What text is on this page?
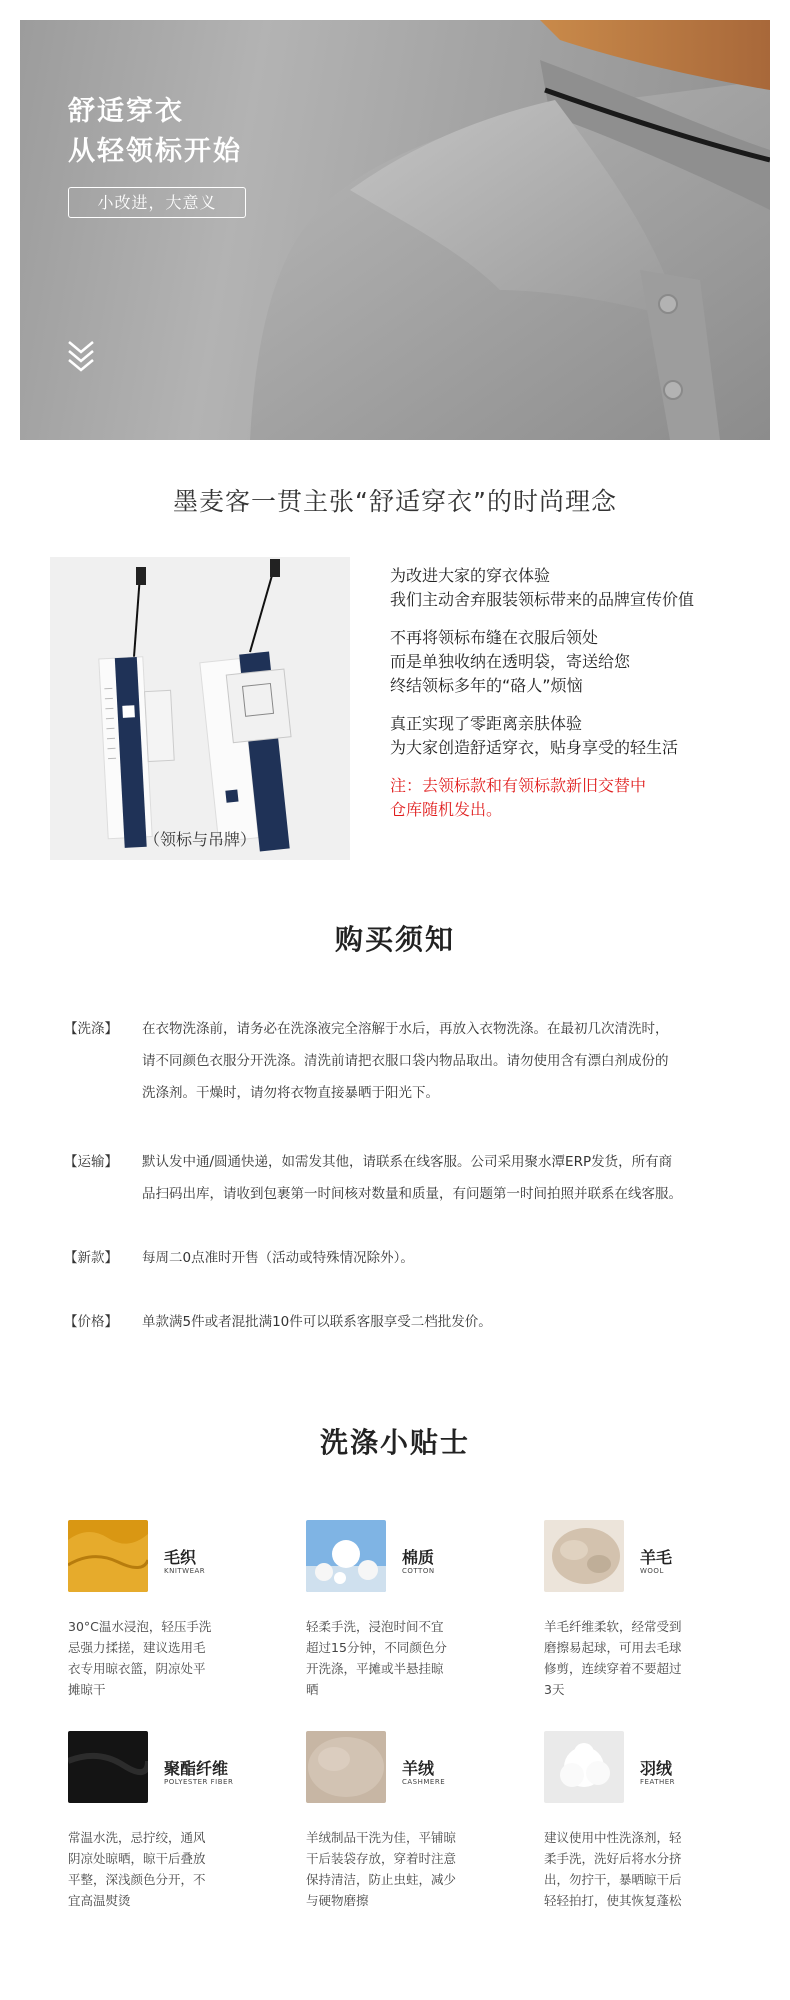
舒适穿衣
从轻领标开始
小改进，大意义
墨麦客一贯主张“舒适穿衣”的时尚理念
（领标与吊牌）
为改进大家的穿衣体验
我们主动舍弃服装领标带来的品牌宣传价值
不再将领标布缝在衣服后领处
而是单独收纳在透明袋，寄送给您
终结领标多年的“硌人”烦恼
真正实现了零距离亲肤体验
为大家创造舒适穿衣，贴身享受的轻生活
注：去领标款和有领标款新旧交替中
仓库随机发出。
购买须知
【洗涤】	在衣物洗涤前，请务必在洗涤液完全溶解于水后，再放入衣物洗涤。在最初几次清洗时，
请不同颜色衣服分开洗涤。清洗前请把衣服口袋内物品取出。请勿使用含有漂白剂成份的
洗涤剂。干燥时，请勿将衣物直接暴晒于阳光下。
【运输】	默认发中通/圆通快递，如需发其他，请联系在线客服。公司采用聚水潭ERP发货，所有商
品扫码出库，请收到包裹第一时间核对数量和质量，有问题第一时间拍照并联系在线客服。
【新款】	每周二0点准时开售（活动或特殊情况除外）。
【价格】	单款满5件或者混批满10件可以联系客服享受二档批发价。
洗涤小贴士
毛织
KNITWEAR
30°C温水浸泡，轻压手洗
忌强力揉搓，建议选用毛
衣专用晾衣篮，阴凉处平
摊晾干
棉质
COTTON
轻柔手洗，浸泡时间不宜
超过15分钟，不同颜色分
开洗涤，平摊或半悬挂晾
晒
羊毛
WOOL
羊毛纤维柔软，经常受到
磨擦易起球，可用去毛球
修剪，连续穿着不要超过
3天
聚酯纤维
POLYESTER FIBER
常温水洗，忌拧绞，通风
阴凉处晾晒，晾干后叠放
平整，深浅颜色分开，不
宜高温熨烫
羊绒
CASHMERE
羊绒制品干洗为佳，平铺晾
干后装袋存放，穿着时注意
保持清洁，防止虫蛀，减少
与硬物磨擦
羽绒
FEATHER
建议使用中性洗涤剂，轻
柔手洗，洗好后将水分挤
出，勿拧干，暴晒晾干后
轻轻拍打，使其恢复蓬松
